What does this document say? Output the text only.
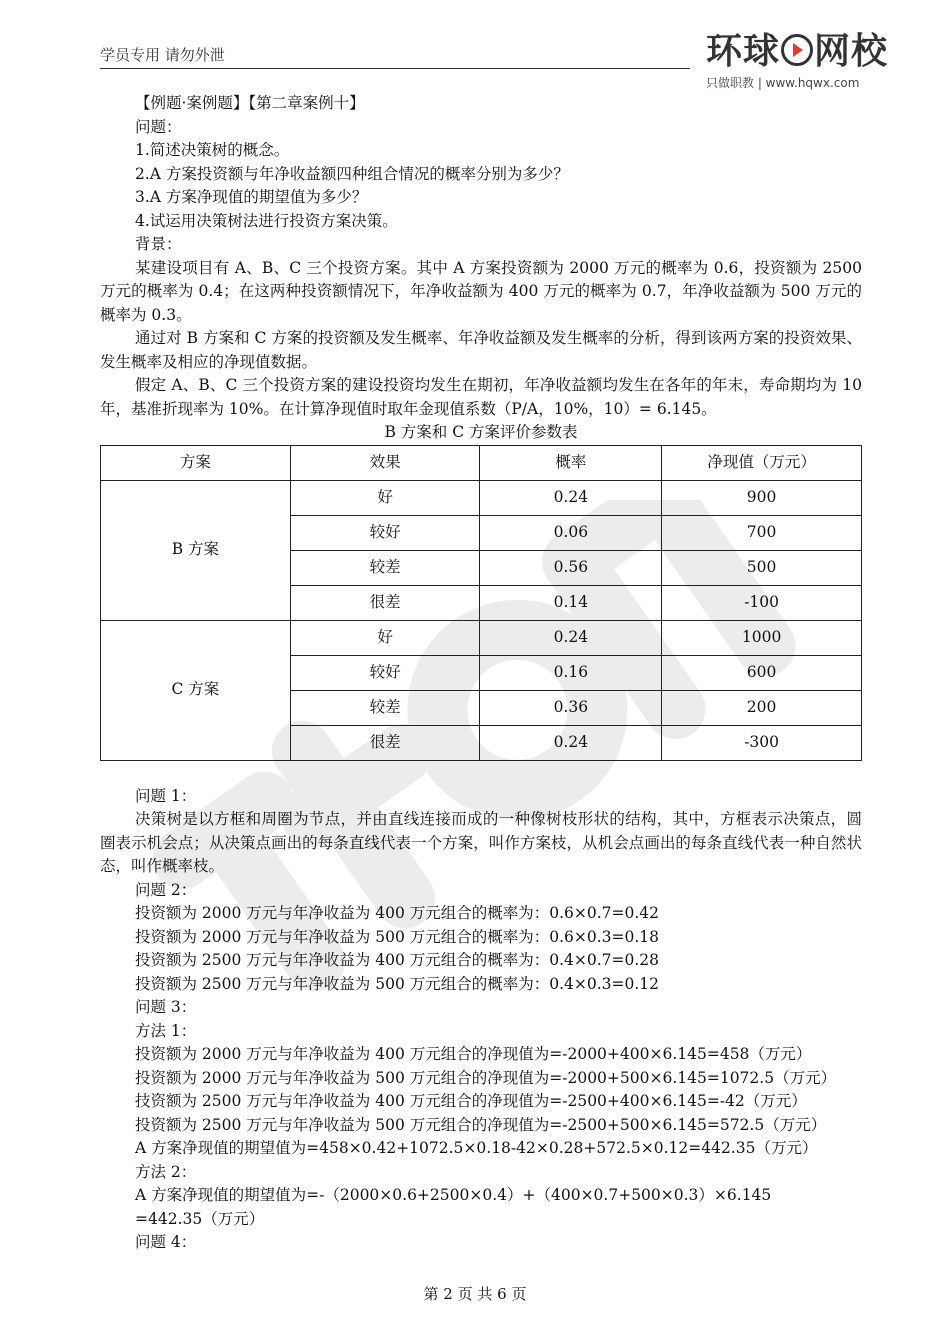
学员专用 请勿外泄	环球 网校
只做职教 | www.hqwx.com
【例题·案例题】【第二章案例十】
问题：
1.简述决策树的概念。
2.A 方案投资额与年净收益额四种组合情况的概率分别为多少？
3.A 方案净现值的期望值为多少？
4.试运用决策树法进行投资方案决策。
背景：
某建设项目有 A、B、C 三个投资方案。其中 A 方案投资额为 2000 万元的概率为 0.6，投资额为 2500 万元的概率为 0.4；在这两种投资额情况下，年净收益额为 400 万元的概率为 0.7，年净收益额为 500 万元的概率为 0.3。
通过对 B 方案和 C 方案的投资额及发生概率、年净收益额及发生概率的分析，得到该两方案的投资效果、发生概率及相应的净现值数据。
假定 A、B、C 三个投资方案的建设投资均发生在期初，年净收益额均发生在各年的年末，寿命期均为 10 年，基准折现率为 10%。在计算净现值时取年金现值系数（P/A，10%，10）= 6.145。
B 方案和 C 方案评价参数表
方案	效果	概率	净现值（万元）
B 方案	好	0.24	900
	较好	0.06	700
	较差	0.56	500
	很差	0.14	-100
C 方案	好	0.24	1000
	较好	0.16	600
	较差	0.36	200
	很差	0.24	-300
问题 1：
决策树是以方框和周圈为节点，并由直线连接而成的一种像树枝形状的结构，其中，方框表示决策点，圆圈表示机会点；从决策点画出的每条直线代表一个方案，叫作方案枝，从机会点画出的每条直线代表一种自然状态，叫作概率枝。
问题 2：
投资额为 2000 万元与年净收益为 400 万元组合的概率为：0.6×0.7=0.42
投资额为 2000 万元与年净收益为 500 万元组合的概率为：0.6×0.3=0.18
投资额为 2500 万元与年净收益为 400 万元组合的概率为：0.4×0.7=0.28
投资额为 2500 万元与年净收益为 500 万元组合的概率为：0.4×0.3=0.12
问题 3：
方法 1：
投资额为 2000 万元与年净收益为 400 万元组合的净现值为=-2000+400×6.145=458（万元）
投资额为 2000 万元与年净收益为 500 万元组合的净现值为=-2000+500×6.145=1072.5（万元）
技资额为 2500 万元与年净收益为 400 万元组合的净现值为=-2500+400×6.145=-42（万元）
投资额为 2500 万元与年净收益为 500 万元组合的净现值为=-2500+500×6.145=572.5（万元）
A 方案净现值的期望值为=458×0.42+1072.5×0.18-42×0.28+572.5×0.12=442.35（万元）
方法 2：
A 方案净现值的期望值为=-（2000×0.6+2500×0.4）+（400×0.7+500×0.3）×6.145
=442.35（万元）
问题 4：
第 2 页 共 6 页
